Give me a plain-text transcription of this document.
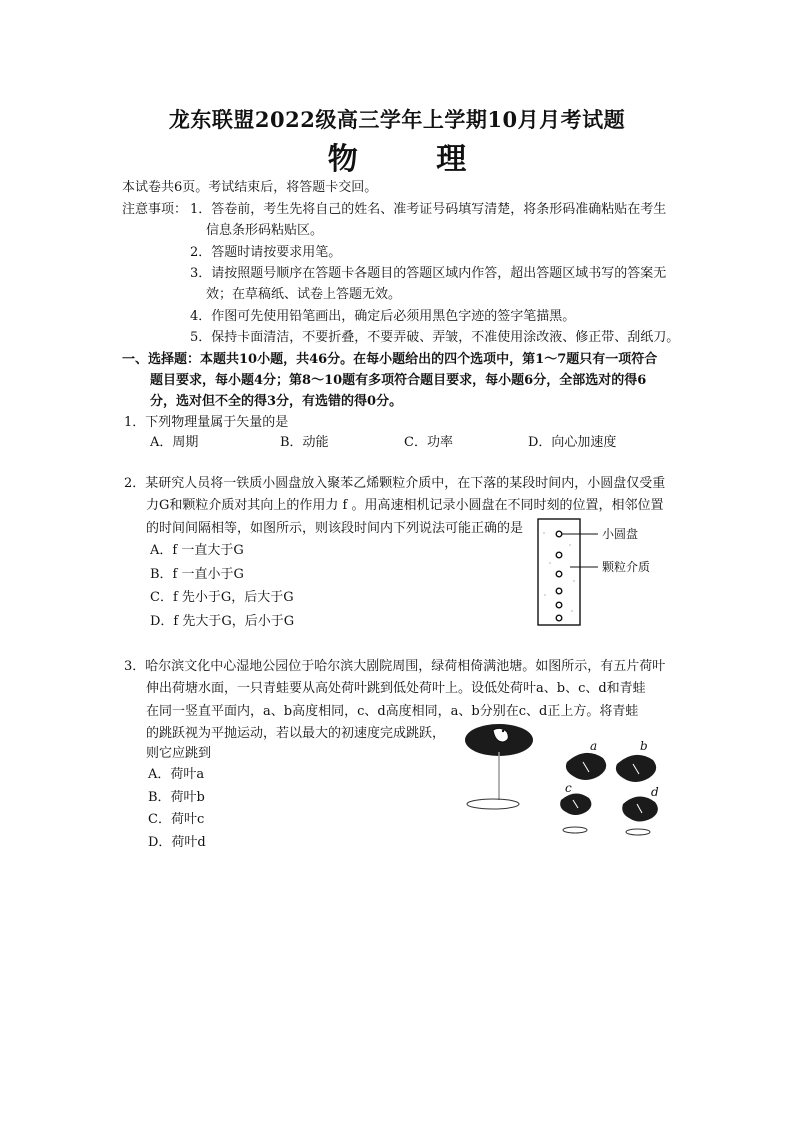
龙东联盟2022级高三学年上学期10月月考试题
物 理
本试卷共6页。考试结束后，将答题卡交回。
注意事项： 1．答卷前，考生先将自己的姓名、准考证号码填写清楚，将条形码准确粘贴在考生
信息条形码粘贴区。
2．答题时请按要求用笔。
3．请按照题号顺序在答题卡各题目的答题区域内作答，超出答题区域书写的答案无
效；在草稿纸、试卷上答题无效。
4．作图可先使用铅笔画出，确定后必须用黑色字迹的签字笔描黑。
5．保持卡面清洁，不要折叠，不要弄破、弄皱，不准使用涂改液、修正带、刮纸刀。
一、选择题：本题共10小题，共46分。在每小题给出的四个选项中，第1～7题只有一项符合
题目要求，每小题4分；第8～10题有多项符合题目要求，每小题6分，全部选对的得6
分，选对但不全的得3分，有选错的得0分。
1．下列物理量属于矢量的是
A．周期	B．动能	C．功率	D．向心加速度
2．某研究人员将一铁质小圆盘放入聚苯乙烯颗粒介质中，在下落的某段时间内，小圆盘仅受重
力G和颗粒介质对其向上的作用力 f 。用高速相机记录小圆盘在不同时刻的位置，相邻位置
的时间间隔相等，如图所示，则该段时间内下列说法可能正确的是
A．f 一直大于G
B．f 一直小于G
C．f 先小于G，后大于G
D．f 先大于G，后小于G
小圆盘
颗粒介质
3．哈尔滨文化中心湿地公园位于哈尔滨大剧院周围，绿荷相倚满池塘。如图所示，有五片荷叶
伸出荷塘水面，一只青蛙要从高处荷叶跳到低处荷叶上。设低处荷叶a、b、c、d和青蛙
在同一竖直平面内，a、b高度相同，c、d高度相同，a、b分别在c、d正上方。将青蛙
的跳跃视为平抛运动，若以最大的初速度完成跳跃，
则它应跳到
A．荷叶a
B．荷叶b
C．荷叶c
D．荷叶d
a	b
c	d
